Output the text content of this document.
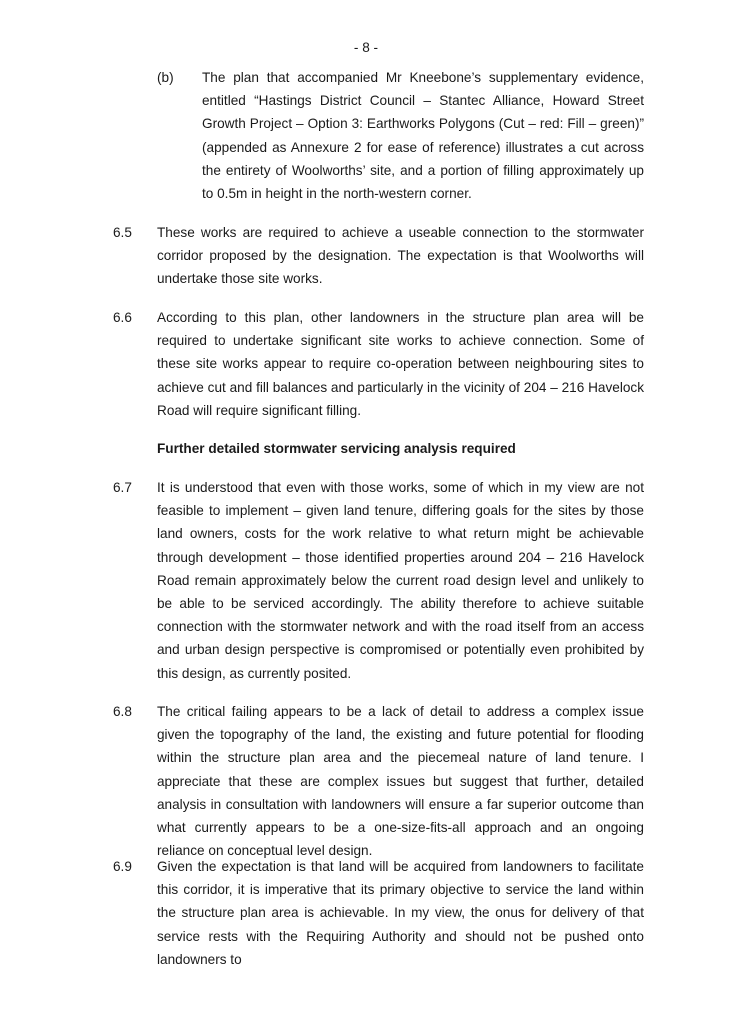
- 8 -
(b) The plan that accompanied Mr Kneebone’s supplementary evidence, entitled “Hastings District Council – Stantec Alliance, Howard Street Growth Project – Option 3: Earthworks Polygons (Cut – red: Fill – green)” (appended as Annexure 2 for ease of reference) illustrates a cut across the entirety of Woolworths’ site, and a portion of filling approximately up to 0.5m in height in the north-western corner.
6.5 These works are required to achieve a useable connection to the stormwater corridor proposed by the designation. The expectation is that Woolworths will undertake those site works.
6.6 According to this plan, other landowners in the structure plan area will be required to undertake significant site works to achieve connection. Some of these site works appear to require co-operation between neighbouring sites to achieve cut and fill balances and particularly in the vicinity of 204 – 216 Havelock Road will require significant filling.
Further detailed stormwater servicing analysis required
6.7 It is understood that even with those works, some of which in my view are not feasible to implement – given land tenure, differing goals for the sites by those land owners, costs for the work relative to what return might be achievable through development – those identified properties around 204 – 216 Havelock Road remain approximately below the current road design level and unlikely to be able to be serviced accordingly. The ability therefore to achieve suitable connection with the stormwater network and with the road itself from an access and urban design perspective is compromised or potentially even prohibited by this design, as currently posited.
6.8 The critical failing appears to be a lack of detail to address a complex issue given the topography of the land, the existing and future potential for flooding within the structure plan area and the piecemeal nature of land tenure. I appreciate that these are complex issues but suggest that further, detailed analysis in consultation with landowners will ensure a far superior outcome than what currently appears to be a one-size-fits-all approach and an ongoing reliance on conceptual level design.
6.9 Given the expectation is that land will be acquired from landowners to facilitate this corridor, it is imperative that its primary objective to service the land within the structure plan area is achievable. In my view, the onus for delivery of that service rests with the Requiring Authority and should not be pushed onto landowners to
